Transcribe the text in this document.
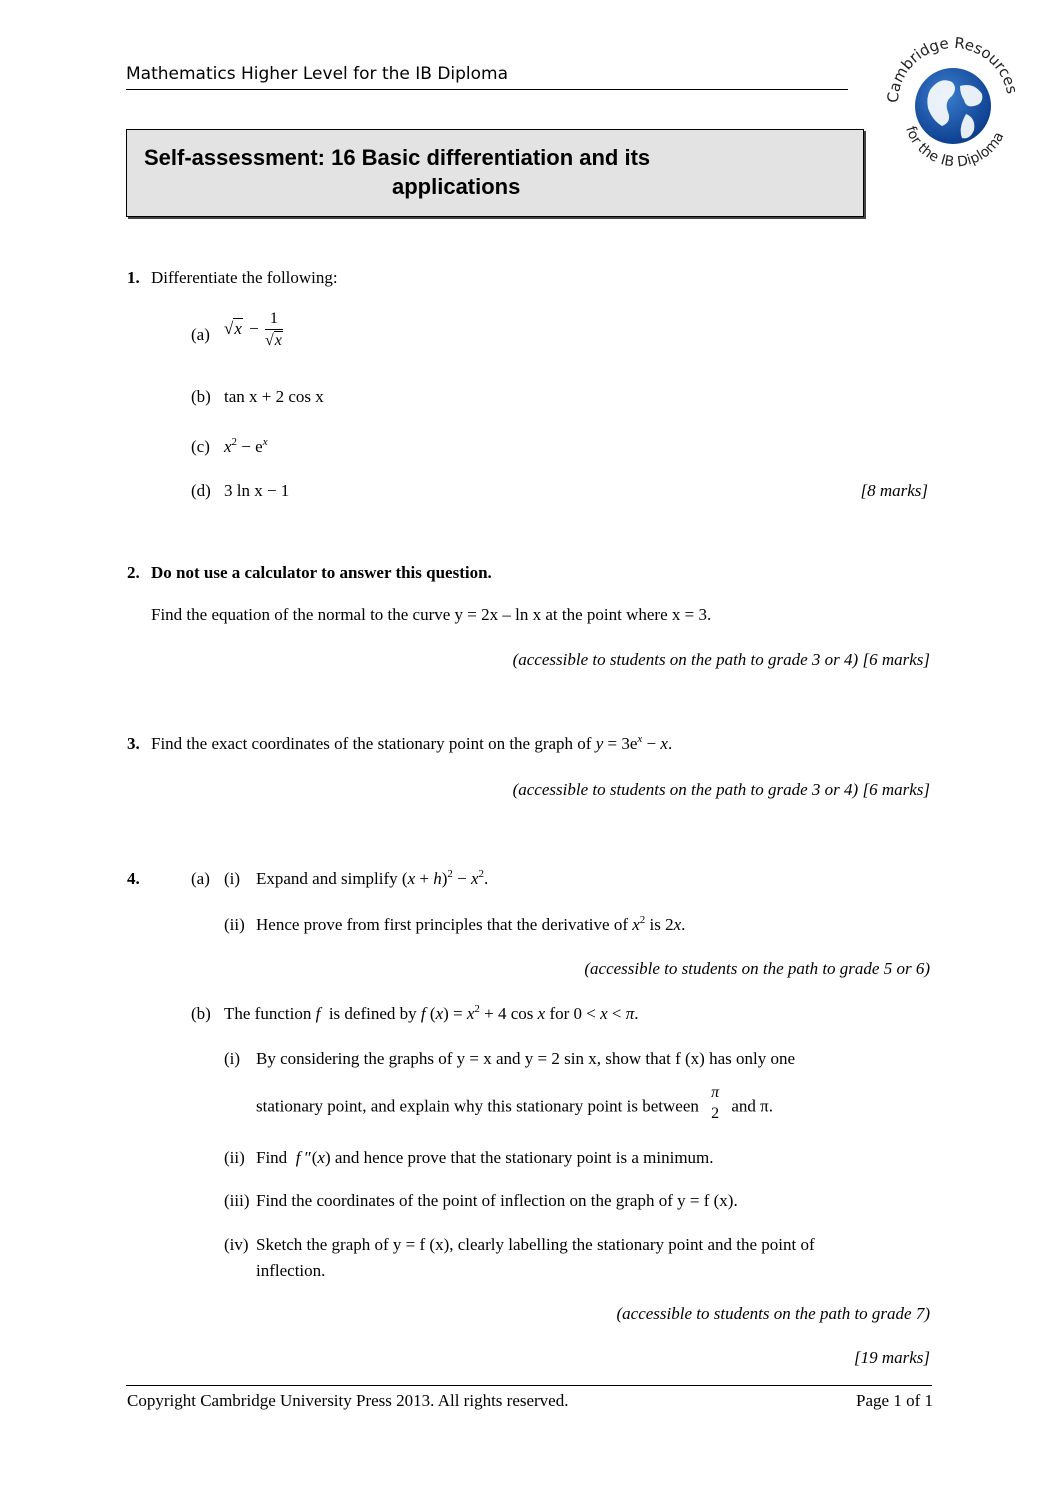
Mathematics Higher Level for the IB Diploma
Cambridge Resources
for the IB Diploma
Self-assessment: 16 Basic differentiation and its
applications
1. Differentiate the following:
(a) $√x - \frac{1}{√x}$
(b) tan x + 2 cos x
(c) $x^2 - e^x$
(d) 3 ln x − 1	[8 marks]
2. Do not use a calculator to answer this question.
Find the equation of the normal to the curve y = 2x – ln x at the point where x = 3.
(accessible to students on the path to grade 3 or 4) [6 marks]
3. Find the exact coordinates of the stationary point on the graph of $y = 3e^x - x$.
(accessible to students on the path to grade 3 or 4) [6 marks]
4.	(a) (i) Expand and simplify $(x + h)^2 - x^2$.
(ii) Hence prove from first principles that the derivative of $x^2$ is 2x.
(accessible to students on the path to grade 5 or 6)
(b) The function f  is defined by f $(x) = x^2 + 4$ cos x for 0 < x < π.
(i) By considering the graphs of y = x and y = 2 sin x, show that f (x) has only one
stationary point, and explain why this stationary point is between
π
2 and π.
(ii) Find  f ″(x) and hence prove that the stationary point is a minimum.
(iii) Find the coordinates of the point of inflection on the graph of y = f (x).
(iv) Sketch the graph of y = f (x), clearly labelling the stationary point and the point of
inflection.
(accessible to students on the path to grade 7)
[19 marks]
Copyright Cambridge University Press 2013. All rights reserved.	Page 1 of 1
